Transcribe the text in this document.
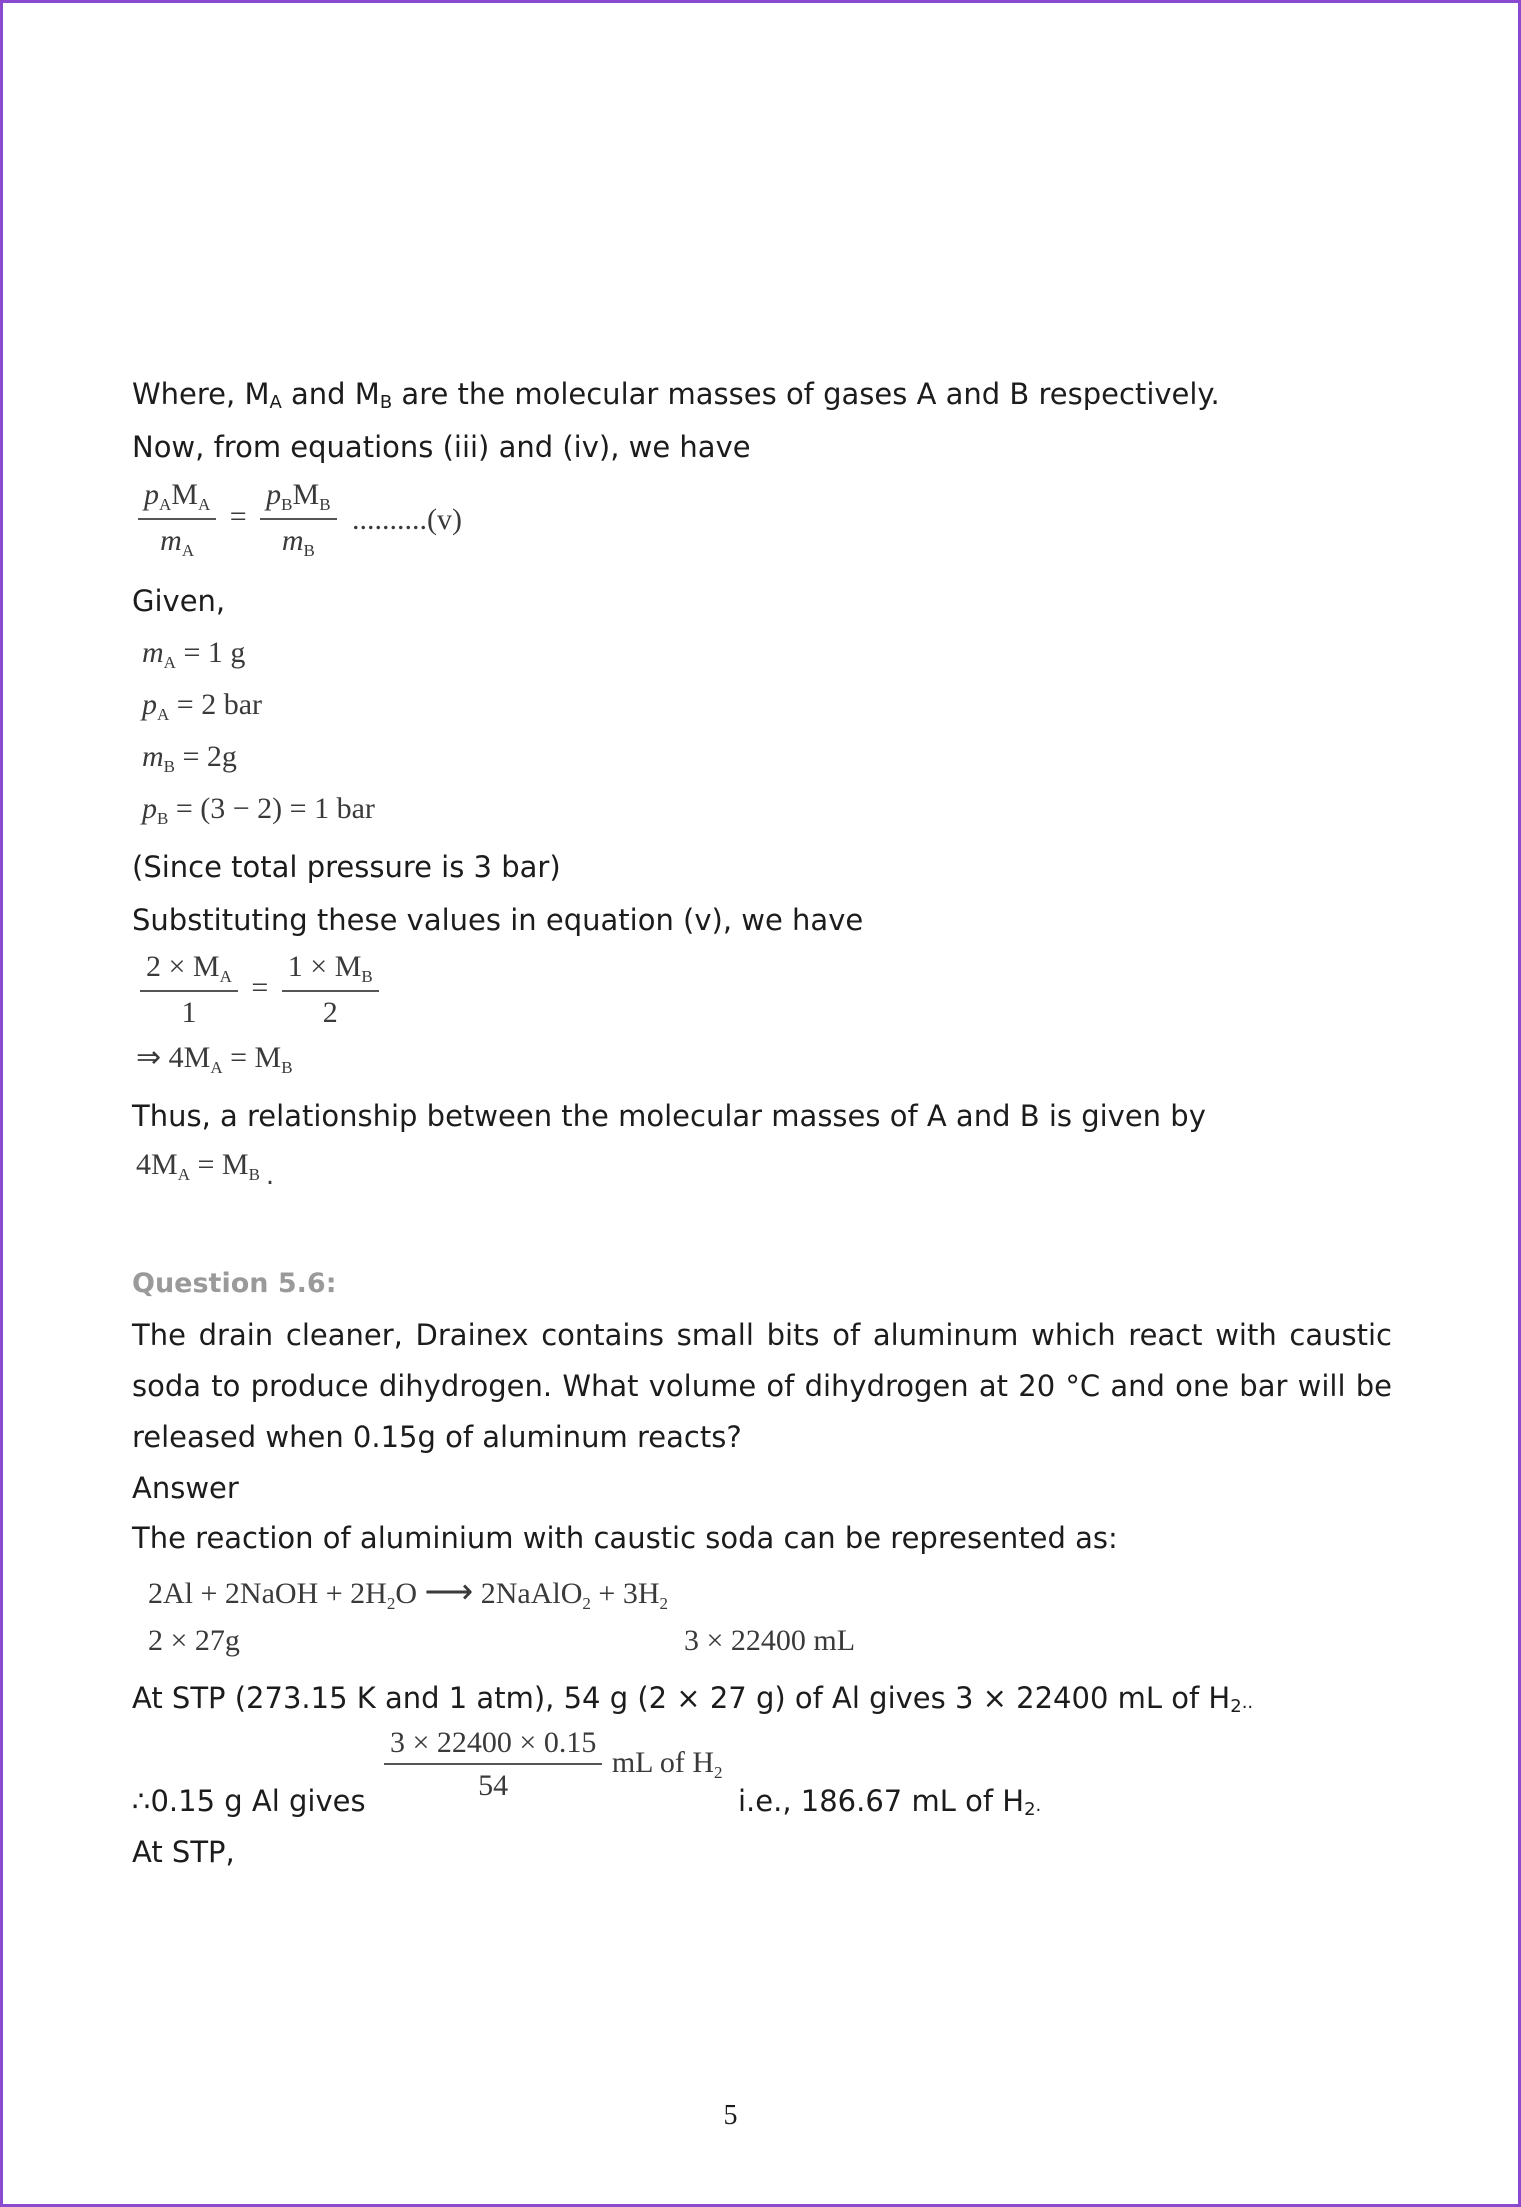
Where, $M_A$ and $M_B$ are the molecular masses of gases A and B respectively.
Now, from equations (iii) and (iv), we have
$\frac{p_AM_A}{m_A} = \frac{p_BM_B}{m_B} ..........(v)$
Given,
$m_A = 1$ g
$p_A = 2$ bar
$m_B = 2g$
$p_B = (3 - 2) = 1$ bar
(Since total pressure is 3 bar)
Substituting these values in equation (v), we have
$\frac{2 \times M_A}{1} = \frac{1 \times M_B}{2}$
⇒ $4M_A = M_B$
Thus, a relationship between the molecular masses of A and B is given by
$4M_A = M_B$ .
Question 5.6:
The drain cleaner, Drainex contains small bits of aluminum which react with caustic soda to produce dihydrogen. What volume of dihydrogen at 20 °C and one bar will be released when 0.15g of aluminum reacts?
Answer
The reaction of aluminium with caustic soda can be represented as:
2Al + 2NaOH + $2H_2O$ ⟶ 2NaAlO$_2$ + $3H_2$
2 × 27g	3 × 22400 mL
At STP (273.15 K and 1 atm), 54 g (2 × 27 g) of Al gives 3 × 22400 mL of $H_2$..
∴0.15 g Al gives $\frac{3 \times 22400 \times 0.15}{54}$ mL of $H_2$
i.e., 186.67 mL of $H_2$.
At STP,
5
